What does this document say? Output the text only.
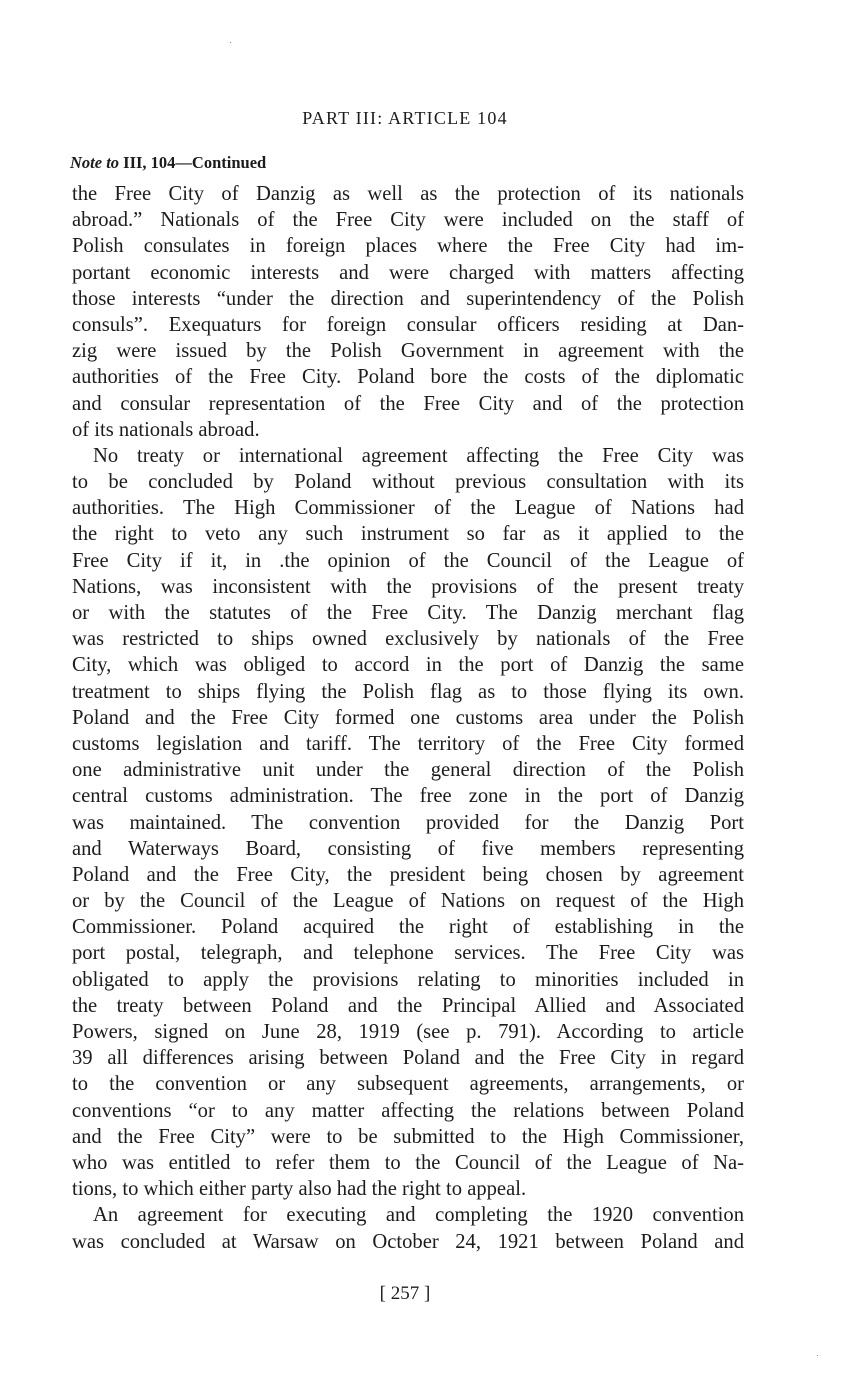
PART III: ARTICLE 104
Note to III, 104—Continued
the Free City of Danzig as well as the protection of its nationals
abroad.” Nationals of the Free City were included on the staff of
Polish consulates in foreign places where the Free City had im-
portant economic interests and were charged with matters affecting
those interests “under the direction and superintendency of the Polish
consuls”. Exequaturs for foreign consular officers residing at Dan-
zig were issued by the Polish Government in agreement with the
authorities of the Free City. Poland bore the costs of the diplomatic
and consular representation of the Free City and of the protection
of its nationals abroad.
No treaty or international agreement affecting the Free City was
to be concluded by Poland without previous consultation with its
authorities. The High Commissioner of the League of Nations had
the right to veto any such instrument so far as it applied to the
Free City if it, in .the opinion of the Council of the League of
Nations, was inconsistent with the provisions of the present treaty
or with the statutes of the Free City. The Danzig merchant flag
was restricted to ships owned exclusively by nationals of the Free
City, which was obliged to accord in the port of Danzig the same
treatment to ships flying the Polish flag as to those flying its own.
Poland and the Free City formed one customs area under the Polish
customs legislation and tariff. The territory of the Free City formed
one administrative unit under the general direction of the Polish
central customs administration. The free zone in the port of Danzig
was maintained. The convention provided for the Danzig Port
and Waterways Board, consisting of five members representing
Poland and the Free City, the president being chosen by agreement
or by the Council of the League of Nations on request of the High
Commissioner. Poland acquired the right of establishing in the
port postal, telegraph, and telephone services. The Free City was
obligated to apply the provisions relating to minorities included in
the treaty between Poland and the Principal Allied and Associated
Powers, signed on June 28, 1919 (see p. 791). According to article
39 all differences arising between Poland and the Free City in regard
to the convention or any subsequent agreements, arrangements, or
conventions “or to any matter affecting the relations between Poland
and the Free City” were to be submitted to the High Commissioner,
who was entitled to refer them to the Council of the League of Na-
tions, to which either party also had the right to appeal.
An agreement for executing and completing the 1920 convention
was concluded at Warsaw on October 24, 1921 between Poland and
[ 257 ]
